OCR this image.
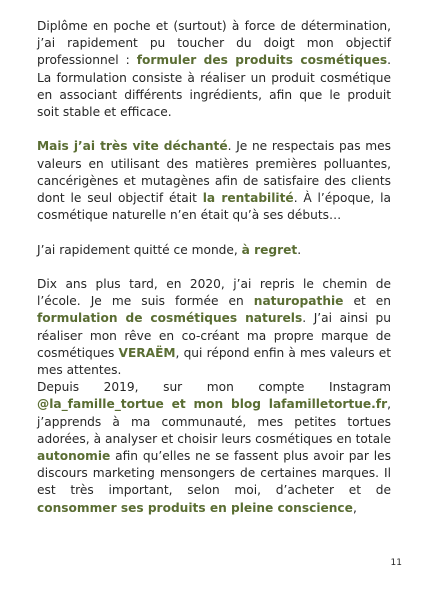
Diplôme en poche et (surtout) à force de détermination, j’ai rapidement pu toucher du doigt mon objectif professionnel : formuler des produits cosmétiques. La formulation consiste à réaliser un produit cosmétique en associant différents ingrédients, afin que le produit soit stable et efficace.

Mais j’ai très vite déchanté. Je ne respectais pas mes valeurs en utilisant des matières premières polluantes, cancérigènes et mutagènes afin de satisfaire des clients dont le seul objectif était la rentabilité. À l’époque, la cosmétique naturelle n’en était qu’à ses débuts…

J’ai rapidement quitté ce monde, à regret.

Dix ans plus tard, en 2020, j’ai repris le chemin de l’école. Je me suis formée en naturopathie et en formulation de cosmétiques naturels. J’ai ainsi pu réaliser mon rêve en co-créant ma propre marque de cosmétiques VERAËM, qui répond enfin à mes valeurs et mes attentes.

Depuis 2019, sur mon compte Instagram @la_famille_tortue et mon blog lafamilletortue.fr, j’apprends à ma communauté, mes petites tortues adorées, à analyser et choisir leurs cosmétiques en totale autonomie afin qu’elles ne se fassent plus avoir par les discours marketing mensongers de certaines marques. Il est très important, selon moi, d’acheter et de consommer ses produits en pleine conscience,

11
